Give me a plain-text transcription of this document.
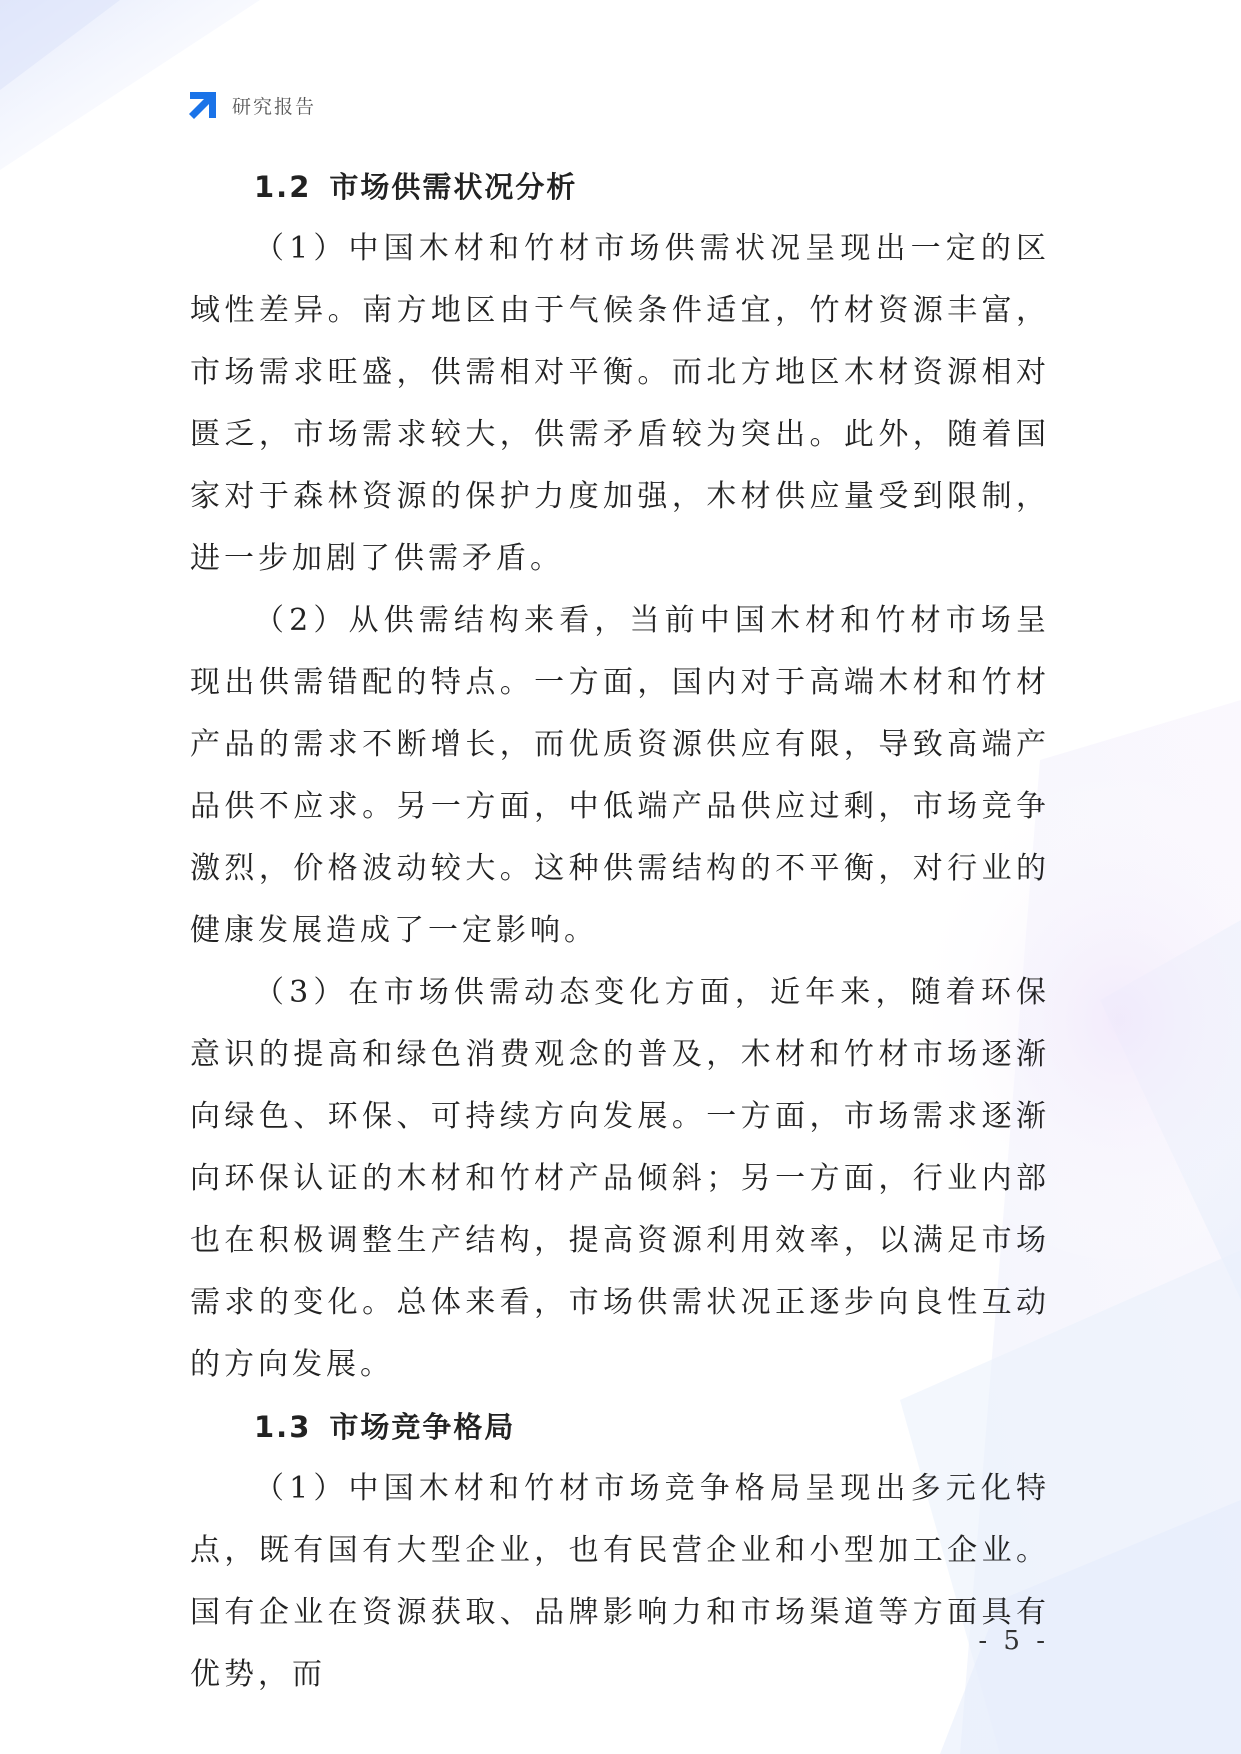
研究报告
1.2 市场供需状况分析

（1）中国木材和竹材市场供需状况呈现出一定的区域性差异。南方地区由于气候条件适宜，竹材资源丰富，市场需求旺盛，供需相对平衡。而北方地区木材资源相对匮乏，市场需求较大，供需矛盾较为突出。此外，随着国家对于森林资源的保护力度加强，木材供应量受到限制，进一步加剧了供需矛盾。

（2）从供需结构来看，当前中国木材和竹材市场呈现出供需错配的特点。一方面，国内对于高端木材和竹材产品的需求不断增长，而优质资源供应有限，导致高端产品供不应求。另一方面，中低端产品供应过剩，市场竞争激烈，价格波动较大。这种供需结构的不平衡，对行业的健康发展造成了一定影响。

（3）在市场供需动态变化方面，近年来，随着环保意识的提高和绿色消费观念的普及，木材和竹材市场逐渐向绿色、环保、可持续方向发展。一方面，市场需求逐渐向环保认证的木材和竹材产品倾斜；另一方面，行业内部也在积极调整生产结构，提高资源利用效率，以满足市场需求的变化。总体来看，市场供需状况正逐步向良性互动的方向发展。

1.3 市场竞争格局

（1）中国木材和竹材市场竞争格局呈现出多元化特点，既有国有大型企业，也有民营企业和小型加工企业。国有企业在资源获取、品牌影响力和市场渠道等方面具有优势，而

- 5 -
